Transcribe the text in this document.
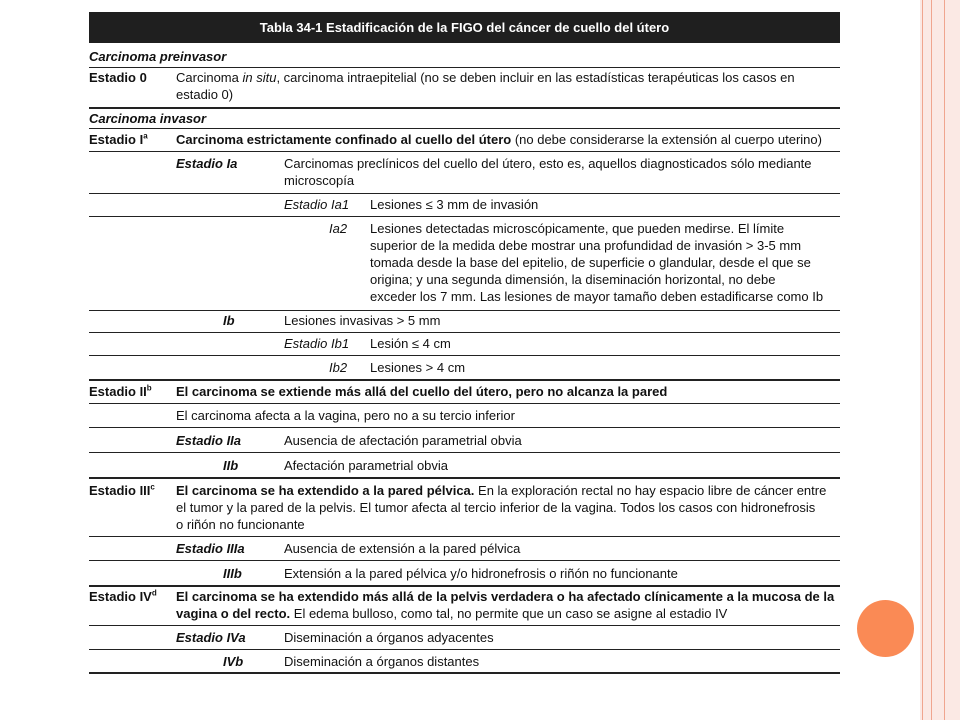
Tabla 34-1 Estadificación de la FIGO del cáncer de cuello del útero
Carcinoma preinvasor
Estadio 0 Carcinoma in situ, carcinoma intraepitelial (no se deben incluir en las estadísticas terapéuticas los casos en
estadio 0)
Carcinoma invasor
Estadio $I^a$ Carcinoma estrictamente confinado al cuello del útero (no debe considerarse la extensión al cuerpo uterino)
Estadio Ia	Carcinomas preclínicos del cuello del útero, esto es, aquellos diagnosticados sólo mediante
microscopía
Estadio Ia1 Lesiones ≤ 3 mm de invasión
Ia2 Lesiones detectadas microscópicamente, que pueden medirse. El límite
superior de la medida debe mostrar una profundidad de invasión > 3-5 mm
tomada desde la base del epitelio, de superficie o glandular, desde el que se
origina; y una segunda dimensión, la diseminación horizontal, no debe
exceder los 7 mm. Las lesiones de mayor tamaño deben estadificarse como Ib
Ib	Lesiones invasivas > 5 mm
Estadio Ib1 Lesión ≤ 4 cm
Ib2 Lesiones > 4 cm
Estadio $II^b$ El carcinoma se extiende más allá del cuello del útero, pero no alcanza la pared
El carcinoma afecta a la vagina, pero no a su tercio inferior
Estadio IIa	Ausencia de afectación parametrial obvia
IIb	Afectación parametrial obvia
Estadio III$^c$ El carcinoma se ha extendido a la pared pélvica. En la exploración rectal no hay espacio libre de cáncer entre
el tumor y la pared de la pelvis. El tumor afecta al tercio inferior de la vagina. Todos los casos con hidronefrosis
o riñón no funcionante
Estadio IIIa	Ausencia de extensión a la pared pélvica
IIIb	Extensión a la pared pélvica y/o hidronefrosis o riñón no funcionante
Estadio $IV^d$ El carcinoma se ha extendido más allá de la pelvis verdadera o ha afectado clínicamente a la mucosa de la
vagina o del recto. El edema bulloso, como tal, no permite que un caso se asigne al estadio IV
Estadio IVa	Diseminación a órganos adyacentes
IVb	Diseminación a órganos distantes
